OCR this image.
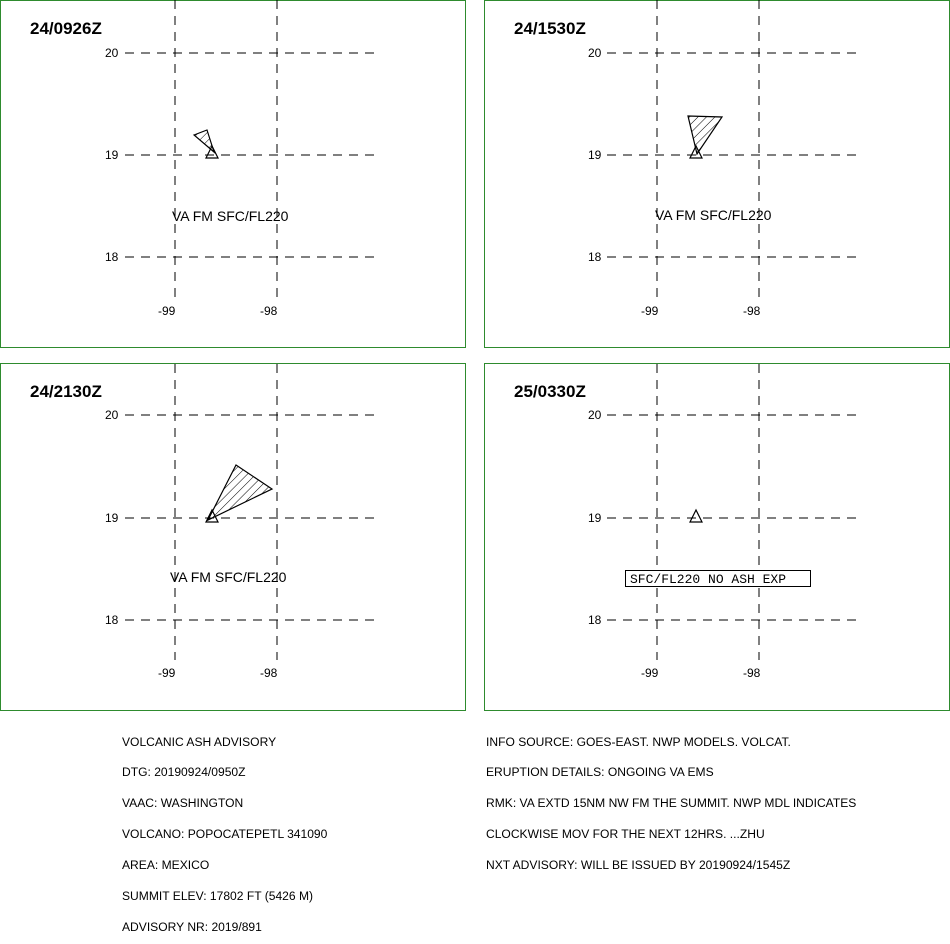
24/0926Z
20
19
18
-99	-98
VA FM SFC/FL220
24/1530Z
20
19
18
-99	-98
VA FM SFC/FL220
24/2130Z
20
19
18
-99	-98
VA FM SFC/FL220
25/0330Z
20
19
18
-99	-98
SFC/FL220 NO ASH EXP

VOLCANIC ASH ADVISORY

DTG: 20190924/0950Z

VAAC: WASHINGTON

VOLCANO: POPOCATEPETL 341090

AREA: MEXICO

SUMMIT ELEV: 17802 FT (5426 M)

ADVISORY NR: 2019/891

INFO SOURCE: GOES-EAST. NWP MODELS. VOLCAT.

ERUPTION DETAILS: ONGOING VA EMS

RMK: VA EXTD 15NM NW FM THE SUMMIT. NWP MDL INDICATES

CLOCKWISE MOV FOR THE NEXT 12HRS. ...ZHU

NXT ADVISORY: WILL BE ISSUED BY 20190924/1545Z
